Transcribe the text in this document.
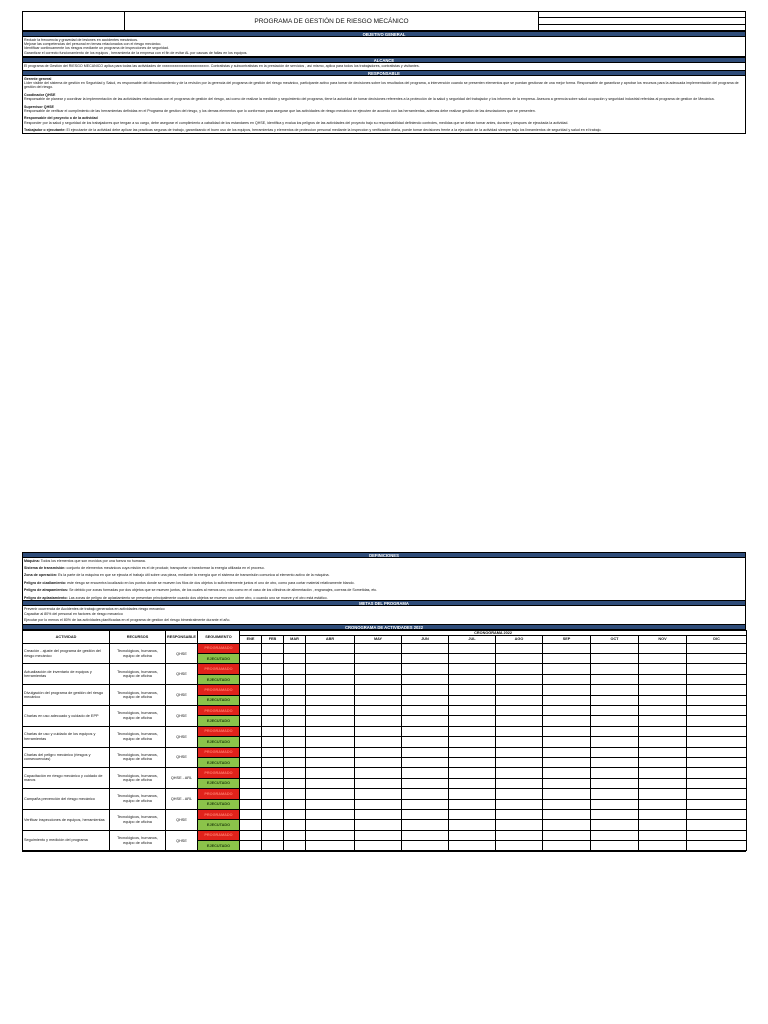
PROGRAMA DE GESTIÓN DE RIESGO MECÁNICO
OBJETIVO GENERAL

Reducir la frecuencia y gravedad de lesiones en accidentes mecánicos.

Mejorar las competencias del personal en temas relacionados con el riesgo mecánico.

Identificar continuamente los riesgos mediante un programa de inspecciones de seguridad.

Garantizar el correcto funcionamiento de los equipos , herramienta de la empresa con el fin de evitar AL por causas de fallas en los equipos.

ALCANCE

El programa de Gestión del RIESGO MECANICO aplica para todas las actividades de xxxxxxxxxxxxxxxxxxxxxxxxxx. Contratistas y subcontratistas en la prestación de servicios , así mismo, aplica para todos los trabajadores, contratistas y visitantes.

RESPONSABLE

Gerente general

Líder visible del sistema de gestión en Seguridad y Salud, es responsable del direccionamiento y de la revisión por la gerencia del programa de gestión del riesgo mecánico, participante activo para tomar de decisiones sobre los resultados del programa, a intervención cuando se presenten elementos que se puedan gestionar de una mejor forma. Responsable de garantizar y aprobar los recursos para la adecuada implementación del programa de gestión del riesgo.

Coodinador QHSE

Responsable de planear y coordinar la implementación de las actividades relacionadas con el programa de gestión del riesgo, así como de realizar la medición y seguimiento del programa, tiene la autoridad de tomar decisiones referentes a la protección de la salud y seguridad del trabajador y los informes de la empresa. Asesora a gerencia sobre salud ocupación y seguridad industrial referidas al programa de gestion de Mecánica.

Supervisor QHSE

Responsable de verificar el cumplimiento de las herramientas definidas en el Programa de gestion del riesgo, y los demas elementos que lo conforman para asegurar que las actividades de riesgo mecánico se ejecuten de acuerdo con las herramientas, ademas debe realizar gestion de las desviaciones que se presenten.

Responsable del proyecto o de la actividad

Responder por la salud y seguridad de los trabajadores que tengan a su cargo, debe asegurar el cumplimiento a cabalidad de los estandares en QHSE, identifica y evalua los peligros de las actividades del proyecto bajo su responsabilidad definiendo controles, medidas que se deban tomar antes, durante y despues de ejecutada la actividad.

Trabajador o ejecutante: El ejecutante de la actividad debe aplicar las practicas seguras de trabajo, garantizando el buen uso de los equipos, herramientas y elementos de proteccion personal mediante la inspeccion y verificación diaria, puede tomar decisiones frente a la ejecución de la actividad siempre bajo los lineamientos de seguridad y salud en el trabajo.

DEFINICIONES

Máquina: Todos los elementos que son movidos por una fuerza no humana.

Sistema de transmisión: conjunto de elementos mecánicos cuya misión es el de producir, transportar o transformar la energía utilizada en el proceso.

Zona de operación: Es la parte de la máquina en que se ejecuta el trabajo útil sobre una pieza, mediante la energía que el sistema de transmisión comunica al elemento activo de la máquina.

Peligro de cizallamiento: este riesgo se encuentra localizado en los puntos donde se mueven los filos de dos objetos lo suficientemente juntos el uno de otro, como para cortar material relativamente blando.

Peligro de atrapamientos: Se debido por zonas formadas por dos objetos que se mueven juntos, de los cuales al menos uno, rota como en el caso de los cilindros de alimentación , engranajes, correas de Sometidas, etc.

Peligro de aplastamiento: Las zonas de peligro de aplastamiento se presentan principalmente cuando dos objetos se mueven uno sobre otro, o cuando uno se mueve y el otro está estático.

METAS DEL PROGRAMA

Prevenir ocurrencia de Accidentes de trabajo generados en actividades riesgo mecanico

Capacitar al 80% del personal en factores de riesgo mecanico

Ejecutar por lo menos el 80% de las actividades planificadas en el programa de gestion del riesgo bimestralmente durante el año.

CRONOGRAMA DE ACTIVIDADES 2022
ACTIVIDAD	RECURSOS	RESPONSABLE	SEGUIMIENTO	CRONOGRAMA 2022											
				ENE	FEB	MAR	ABR	MAY	JUN	JUL	AGO	SEP	OCT	NOV	DIC
Creación - ajuste del programa de gestión del riesgo mecánico	Tecnológicos, humanos, equipo de oficina	QHSE	PROGRAMADO												
			EJECUTADO												
Actualización de inventario de equipos y herramientas	Tecnológicos, humanos, equipo de oficina	QHSE	PROGRAMADO												
			EJECUTADO												
Divulgación del programa de gestión del riesgo mecánico	Tecnológicos, humanos, equipo de oficina	QHSE	PROGRAMADO												
			EJECUTADO												
Charlas en uso adecuado y cuidado de EPP	Tecnológicos, humanos, equipo de oficina	QHSE	PROGRAMADO												
			EJECUTADO												
Charlas de uso y cuidado de los equipos y herramientas	Tecnológicos, humanos, equipo de oficina	QHSE	PROGRAMADO												
			EJECUTADO												
Charlas del peligro mecánico (riesgos y consecuencias)	Tecnológicos, humanos, equipo de oficina	QHSE	PROGRAMADO												
			EJECUTADO												
Capacitación en riesgo mecánico y cuidado de manos	Tecnológicos, humanos, equipo de oficina	QHSE - ARL	PROGRAMADO												
			EJECUTADO												
Campaña prevención del riesgo mecánico	Tecnológicos, humanos, equipo de oficina	QHSE - ARL	PROGRAMADO												
			EJECUTADO												
Verificar inspecciones de equipos, herramientas	Tecnológicos, humanos, equipo de oficina	QHSE	PROGRAMADO												
			EJECUTADO												
Seguimiento y medición del programa	Tecnológicos, humanos, equipo de oficina	QHSE	PROGRAMADO												
			EJECUTADO												
